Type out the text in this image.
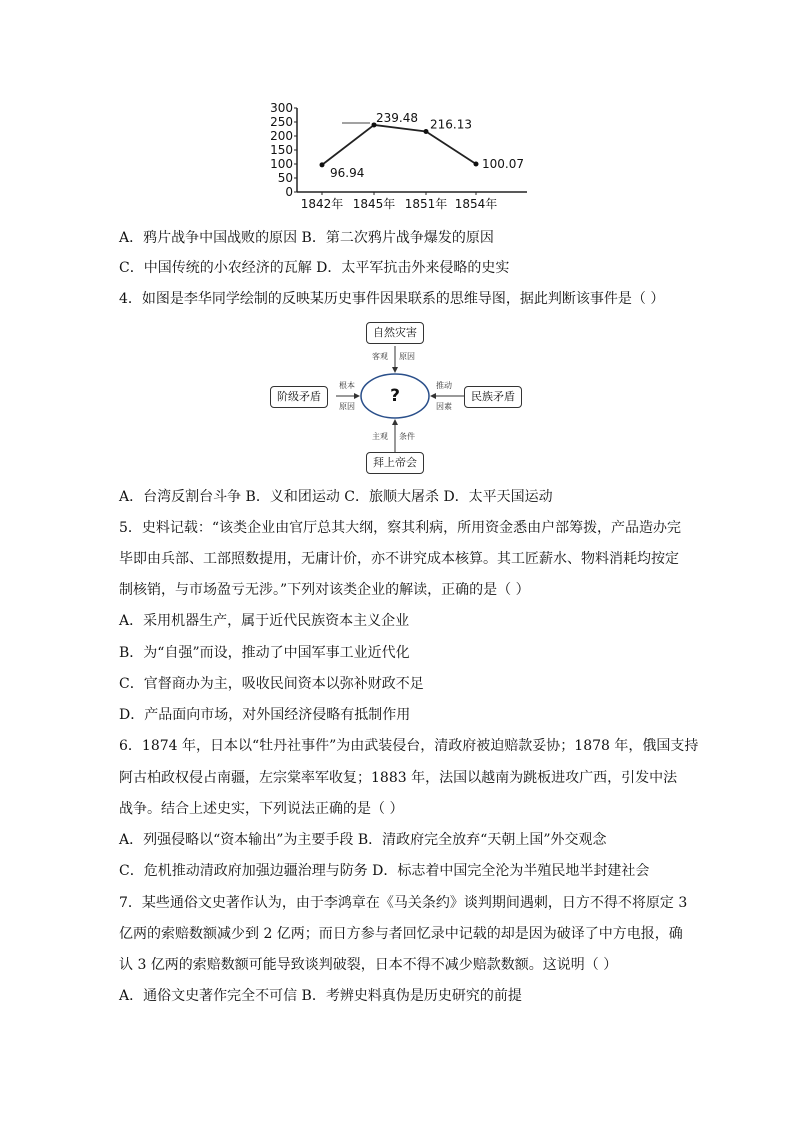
300
250
200
150
100
50
0
96.94
239.48 216.13
100.07
1842年 1845年 1851年 1854年
A．鸦片战争中国战败的原因 B．第二次鸦片战争爆发的原因
C．中国传统的小农经济的瓦解 D．太平军抗击外来侵略的史实
4．如图是李华同学绘制的反映某历史事件因果联系的思维导图，据此判断该事件是（ ）
?
自然灾害
客观 原因
阶级矛盾
根本
原因
民族矛盾
推动
因素
主观 条件
拜上帝会
A．台湾反割台斗争 B．义和团运动 C．旅顺大屠杀 D．太平天国运动
5．史料记载：“该类企业由官厅总其大纲，察其利病，所用资金悉由户部筹拨，产品造办完
毕即由兵部、工部照数提用，无庸计价，亦不讲究成本核算。其工匠薪水、物料消耗均按定
制核销，与市场盈亏无涉。”下列对该类企业的解读，正确的是（ ）
A．采用机器生产，属于近代民族资本主义企业
B．为“自强”而设，推动了中国军事工业近代化
C．官督商办为主，吸收民间资本以弥补财政不足
D．产品面向市场，对外国经济侵略有抵制作用
6．1874 年，日本以“牡丹社事件”为由武装侵台，清政府被迫赔款妥协；1878 年，俄国支持
阿古柏政权侵占南疆，左宗棠率军收复；1883 年，法国以越南为跳板进攻广西，引发中法
战争。结合上述史实，下列说法正确的是（ ）
A．列强侵略以“资本输出”为主要手段 B．清政府完全放弃“天朝上国”外交观念
C．危机推动清政府加强边疆治理与防务 D．标志着中国完全沦为半殖民地半封建社会
7．某些通俗文史著作认为，由于李鸿章在《马关条约》谈判期间遇刺，日方不得不将原定 3
亿两的索赔数额减少到 2 亿两；而日方参与者回忆录中记载的却是因为破译了中方电报，确
认 3 亿两的索赔数额可能导致谈判破裂，日本不得不减少赔款数额。这说明（ ）
A．通俗文史著作完全不可信 B．考辨史料真伪是历史研究的前提
